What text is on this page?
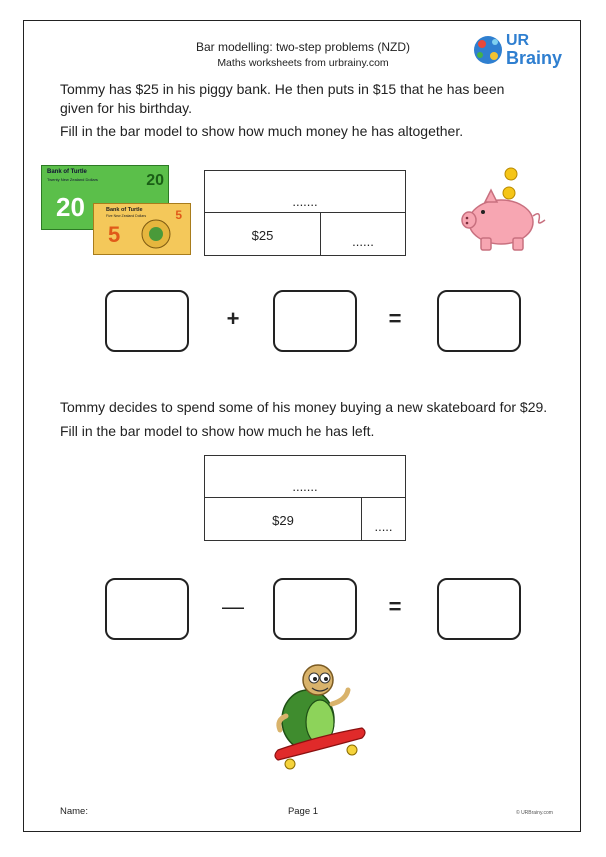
Bar modelling: two-step problems (NZD)
Maths worksheets from urbrainy.com
UR
Brainy
Tommy has $25 in his piggy bank. He then puts in $15 that he has been
given for his birthday.
Fill in the bar model to show how much money he has altogether.
Bank of Turtle
Twenty New Zealand Dollars
20
20
Bank of Turtle
Five New Zealand Dollars
5
5
.......
$25	......
+	=
Tommy decides to spend some of his money buying a new skateboard for $29.
Fill in the bar model to show how much he has left.
.......
$29	.....
—	=
Name:	Page 1	© URBrainy.com
